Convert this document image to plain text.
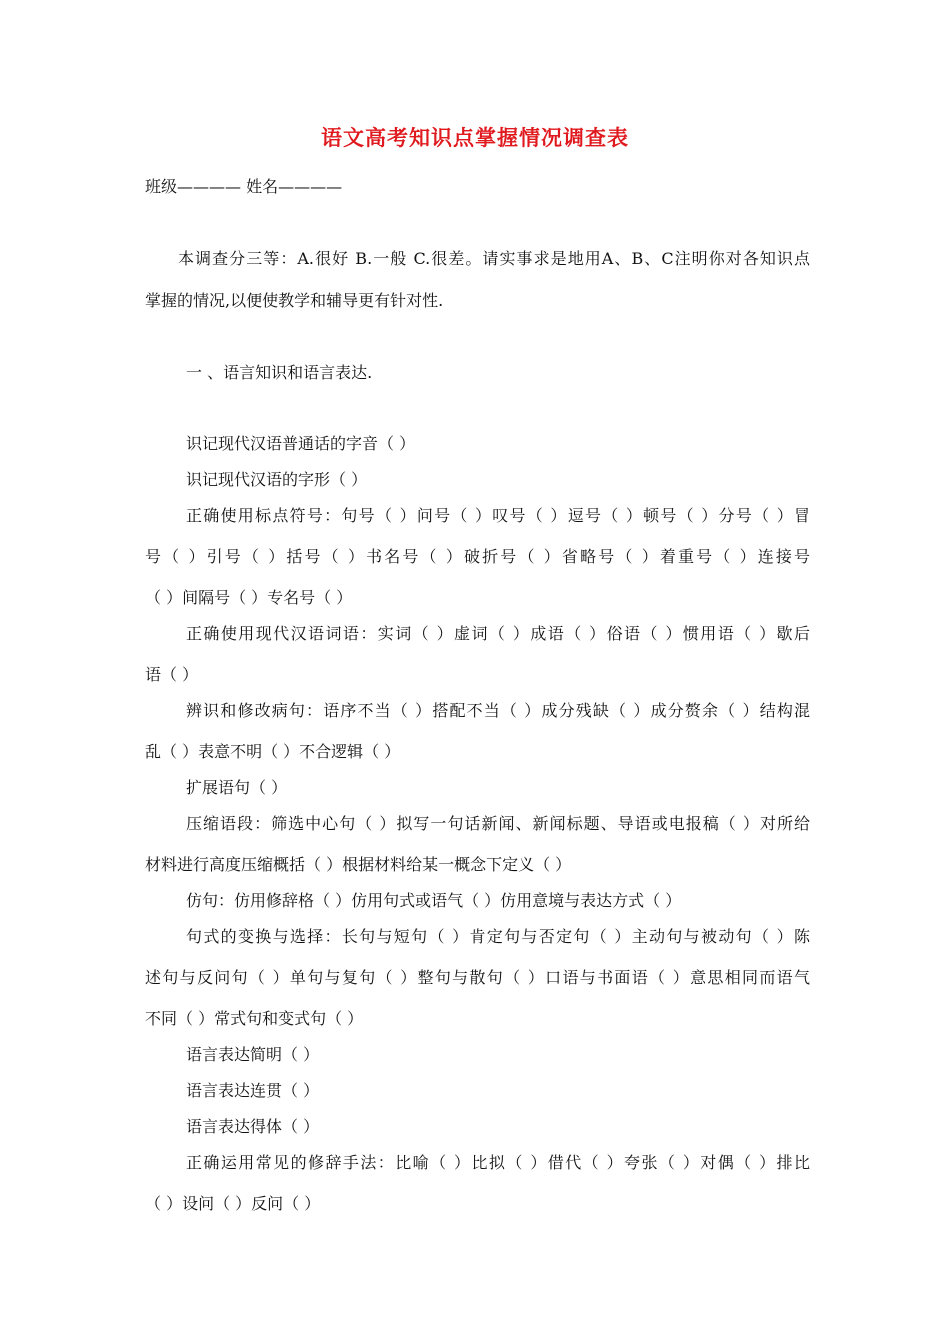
语文高考知识点掌握情况调查表
班级———— 姓名————
本调查分三等：A.很好 B.一般 C.很差。请实事求是地用A、B、C注明你对各知识点
掌握的情况,以便使教学和辅导更有针对性.
一 、语言知识和语言表达.
识记现代汉语普通话的字音（ ）
识记现代汉语的字形（ ）
正确使用标点符号：句号（ ）问号（ ）叹号（ ）逗号（ ）顿号（ ）分号（ ）冒
号（ ）引号（ ）括号（ ）书名号（ ）破折号（ ）省略号（ ）着重号（ ）连接号
（ ）间隔号（ ）专名号（ ）
正确使用现代汉语词语：实词（ ）虚词（ ）成语（ ）俗语（ ）惯用语（ ）歇后
语（ ）
辨识和修改病句：语序不当（ ）搭配不当（ ）成分残缺（ ）成分赘余（ ）结构混
乱（ ）表意不明（ ）不合逻辑（ ）
扩展语句（ ）
压缩语段：筛选中心句（ ）拟写一句话新闻、新闻标题、导语或电报稿（ ）对所给
材料进行高度压缩概括（ ）根据材料给某一概念下定义（ ）
仿句：仿用修辞格（ ）仿用句式或语气（ ）仿用意境与表达方式（ ）
句式的变换与选择：长句与短句（ ）肯定句与否定句（ ）主动句与被动句（ ）陈
述句与反问句（ ）单句与复句（ ）整句与散句（ ）口语与书面语（ ）意思相同而语气
不同（ ）常式句和变式句（ ）
语言表达简明（ ）
语言表达连贯（ ）
语言表达得体（ ）
正确运用常见的修辞手法：比喻（ ）比拟（ ）借代（ ）夸张（ ）对偶（ ）排比
（ ）设问（ ）反问（ ）
